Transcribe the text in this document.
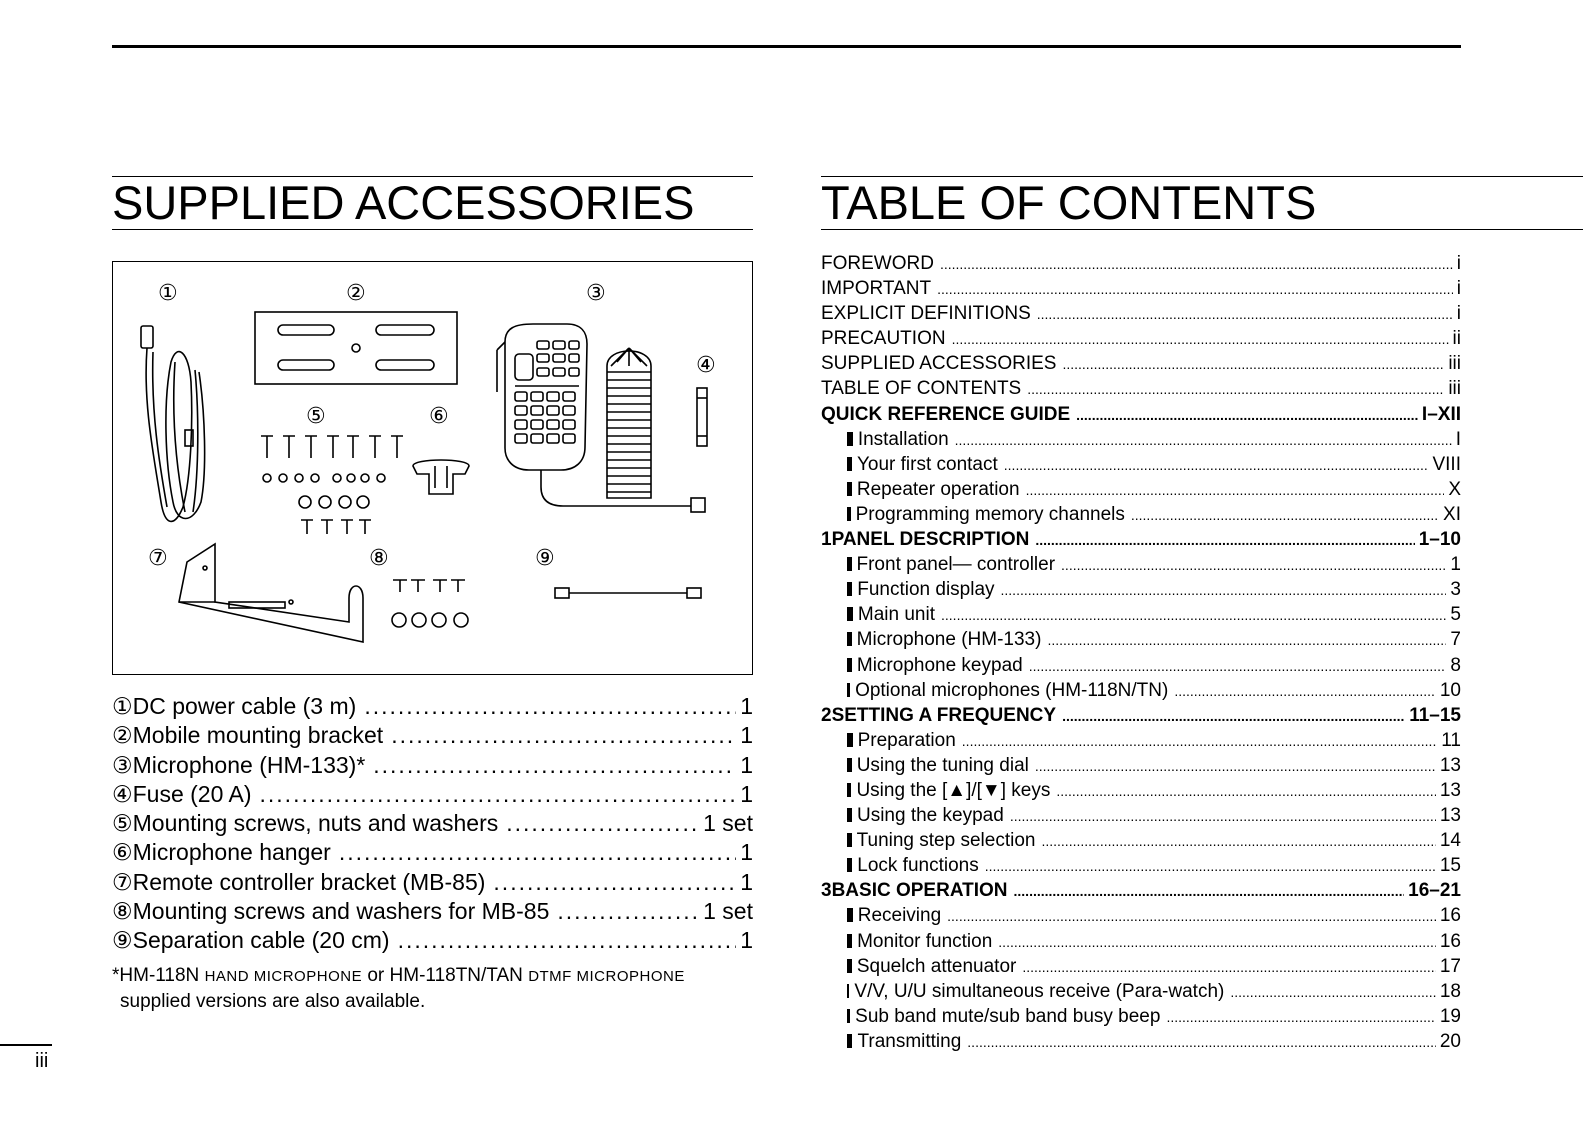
SUPPLIED ACCESSORIES
①	②	③
④
⑤	⑥
⑦	⑧	⑨
① DC power cable (3 m) .....	1
② Mobile mounting bracket .....	1
③ Microphone (HM-133)* .....	1
④ Fuse (20 A) .....	1
⑤ Mounting screws, nuts and washers .....	1 set
⑥ Microphone hanger .....	1
⑦ Remote controller bracket (MB-85) .....	1
⑧ Mounting screws and washers for MB-85 .....	1 set
⑨ Separation cable (20 cm) .....	1
*HM-118N HAND MICROPHONE or HM-118TN/TAN DTMF MICROPHONE
supplied versions are also available.
TABLE OF CONTENTS
FOREWORD .....	i
IMPORTANT .....	i
EXPLICIT DEFINITIONS .....	i
PRECAUTION .....	ii
SUPPLIED ACCESSORIES .....	iii
TABLE OF CONTENTS .....	iii
QUICK REFERENCE GUIDE .....	I–XII
Installation .....	I
Your first contact .....	VIII
Repeater operation .....	X
Programming memory channels .....	XI
1 PANEL DESCRIPTION .....	1–10
Front panel— controller .....	1
Function display .....	3
Main unit .....	5
Microphone (HM-133) .....	7
Microphone keypad .....	8
Optional microphones (HM-118N/TN) .....	10
2 SETTING A FREQUENCY .....	11–15
Preparation .....	11
Using the tuning dial .....	13
Using the [▲]/[▼] keys .....	13
Using the keypad .....	13
Tuning step selection .....	14
Lock functions .....	15
3 BASIC OPERATION .....	16–21
Receiving .....	16
Monitor function .....	16
Squelch attenuator .....	17
V/V, U/U simultaneous receive (Para-watch) .....	18
Sub band mute/sub band busy beep .....	19
Transmitting .....	20
iii
